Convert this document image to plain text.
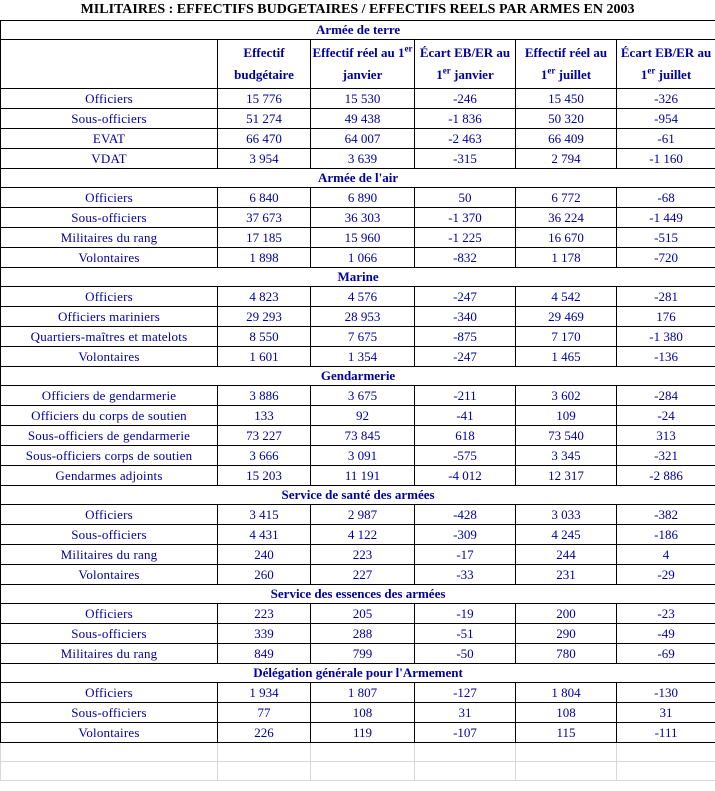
MILITAIRES : EFFECTIFS BUDGETAIRES / EFFECTIFS REELS PAR ARMES EN 2003
Armée de terre					
	Effectif budgétaire	Effectif réel au 1er janvier	Écart EB/ER au 1er janvier	Effectif réel au 1er juillet	Écart EB/ER au 1er juillet
Officiers	15 776	15 530	-246	15 450	-326
Sous-officiers	51 274	49 438	-1 836	50 320	-954
EVAT	66 470	64 007	-2 463	66 409	-61
VDAT	3 954	3 639	-315	2 794	-1 160
Armée de l'air					
Officiers	6 840	6 890	50	6 772	-68
Sous-officiers	37 673	36 303	-1 370	36 224	-1 449
Militaires du rang	17 185	15 960	-1 225	16 670	-515
Volontaires	1 898	1 066	-832	1 178	-720
Marine					
Officiers	4 823	4 576	-247	4 542	-281
Officiers mariniers	29 293	28 953	-340	29 469	176
Quartiers-maîtres et matelots	8 550	7 675	-875	7 170	-1 380
Volontaires	1 601	1 354	-247	1 465	-136
Gendarmerie					
Officiers de gendarmerie	3 886	3 675	-211	3 602	-284
Officiers du corps de soutien	133	92	-41	109	-24
Sous-officiers de gendarmerie	73 227	73 845	618	73 540	313
Sous-officiers corps de soutien	3 666	3 091	-575	3 345	-321
Gendarmes adjoints	15 203	11 191	-4 012	12 317	-2 886
Service de santé des armées					
Officiers	3 415	2 987	-428	3 033	-382
Sous-officiers	4 431	4 122	-309	4 245	-186
Militaires du rang	240	223	-17	244	4
Volontaires	260	227	-33	231	-29
Service des essences des armées					
Officiers	223	205	-19	200	-23
Sous-officiers	339	288	-51	290	-49
Militaires du rang	849	799	-50	780	-69
Délégation générale pour l'Armement					
Officiers	1 934	1 807	-127	1 804	-130
Sous-officiers	77	108	31	108	31
Volontaires	226	119	-107	115	-111
